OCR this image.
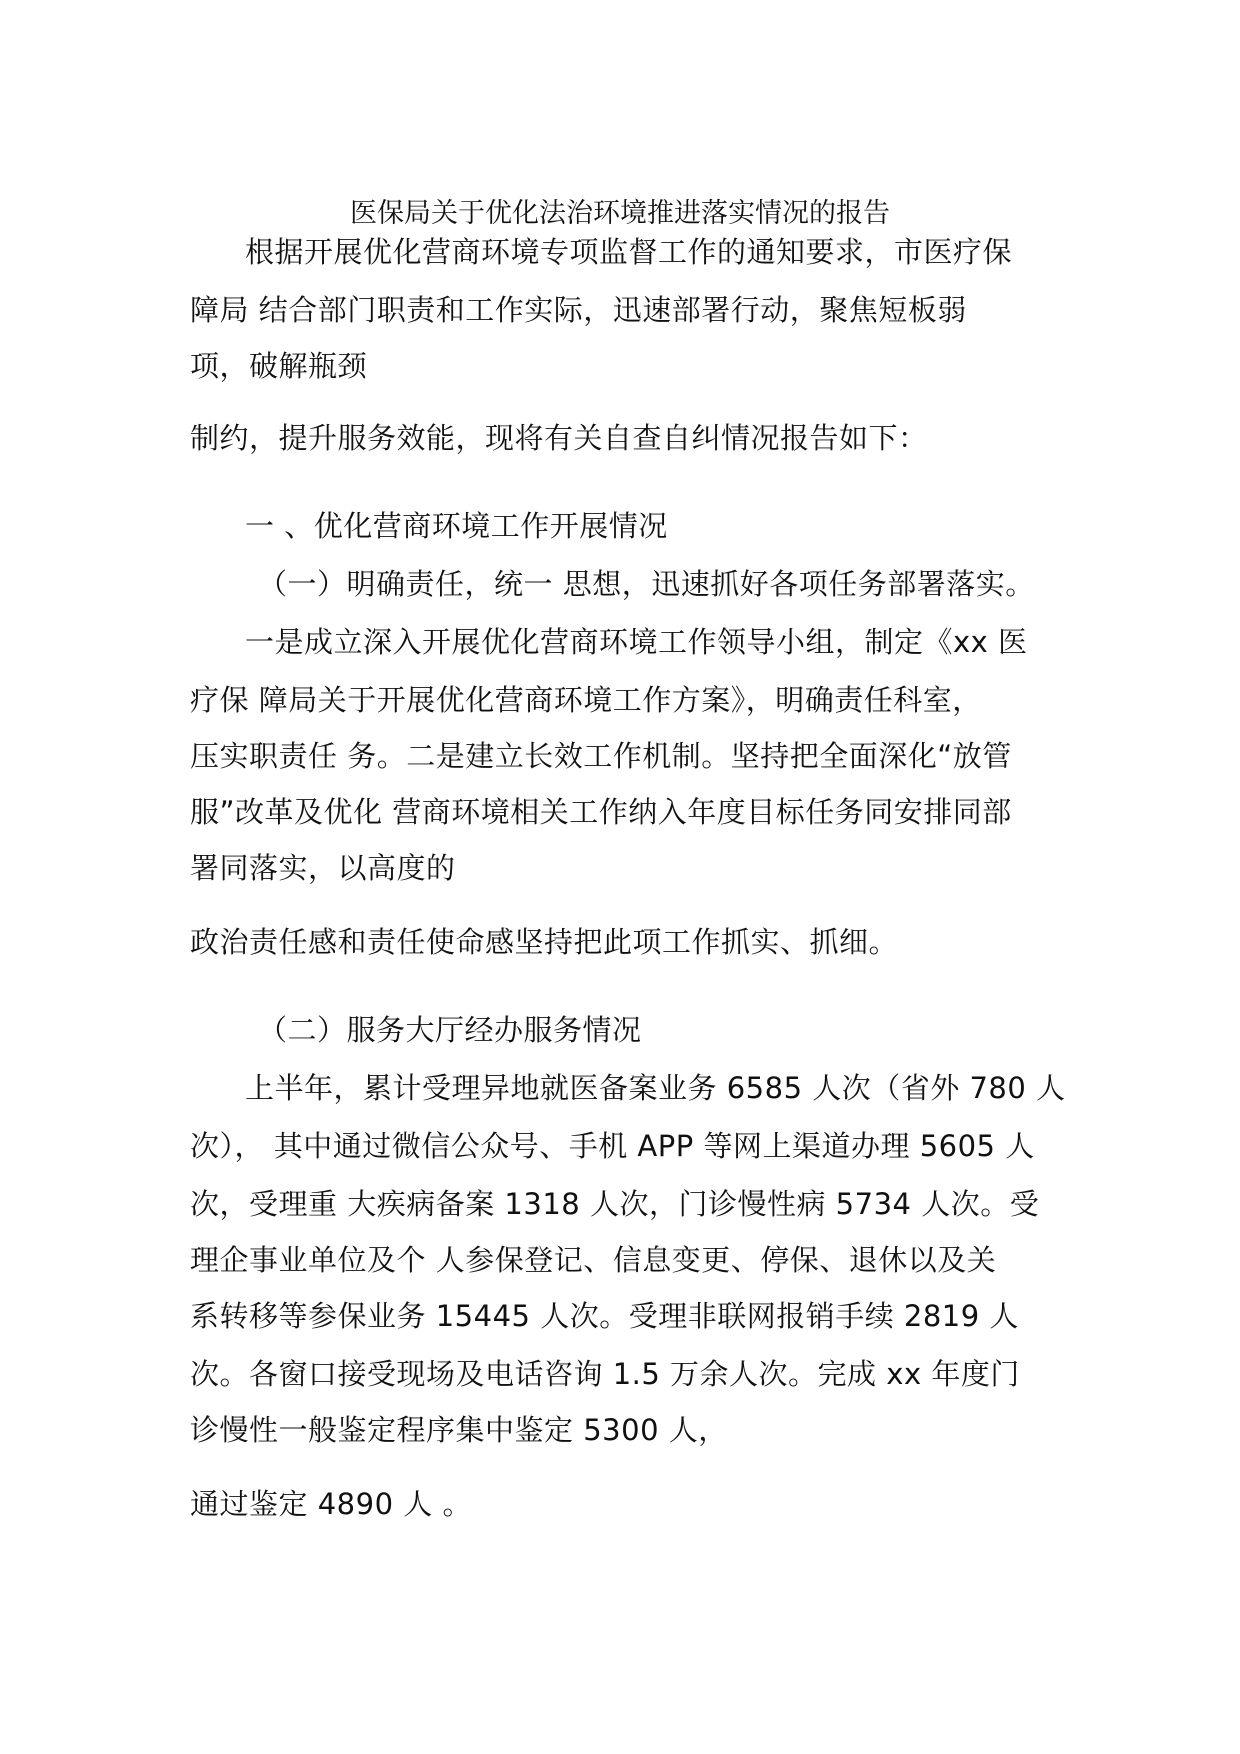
医保局关于优化法治环境推进落实情况的报告
根据开展优化营商环境专项监督工作的通知要求，市医疗保
障局 结合部门职责和工作实际，迅速部署行动，聚焦短板弱
项，破解瓶颈
制约，提升服务效能，现将有关自查自纠情况报告如下：
一 、优化营商环境工作开展情况
（一）明确责任，统一 思想，迅速抓好各项任务部署落实。
一是成立深入开展优化营商环境工作领导小组，制定《xx 医
疗保 障局关于开展优化营商环境工作方案》，明确责任科室，
压实职责任 务。二是建立长效工作机制。坚持把全面深化“放管
服”改革及优化 营商环境相关工作纳入年度目标任务同安排同部
署同落实，以高度的
政治责任感和责任使命感坚持把此项工作抓实、抓细。
（二）服务大厅经办服务情况
上半年，累计受理异地就医备案业务 6585 人次（省外 780 人
次）， 其中通过微信公众号、手机 APP 等网上渠道办理 5605 人
次，受理重 大疾病备案 1318 人次，门诊慢性病 5734 人次。受
理企事业单位及个 人参保登记、信息变更、停保、退休以及关
系转移等参保业务 15445 人次。受理非联网报销手续 2819 人
次。各窗口接受现场及电话咨询 1.5 万余人次。完成 xx 年度门
诊慢性一般鉴定程序集中鉴定 5300 人，
通过鉴定 4890 人 。
